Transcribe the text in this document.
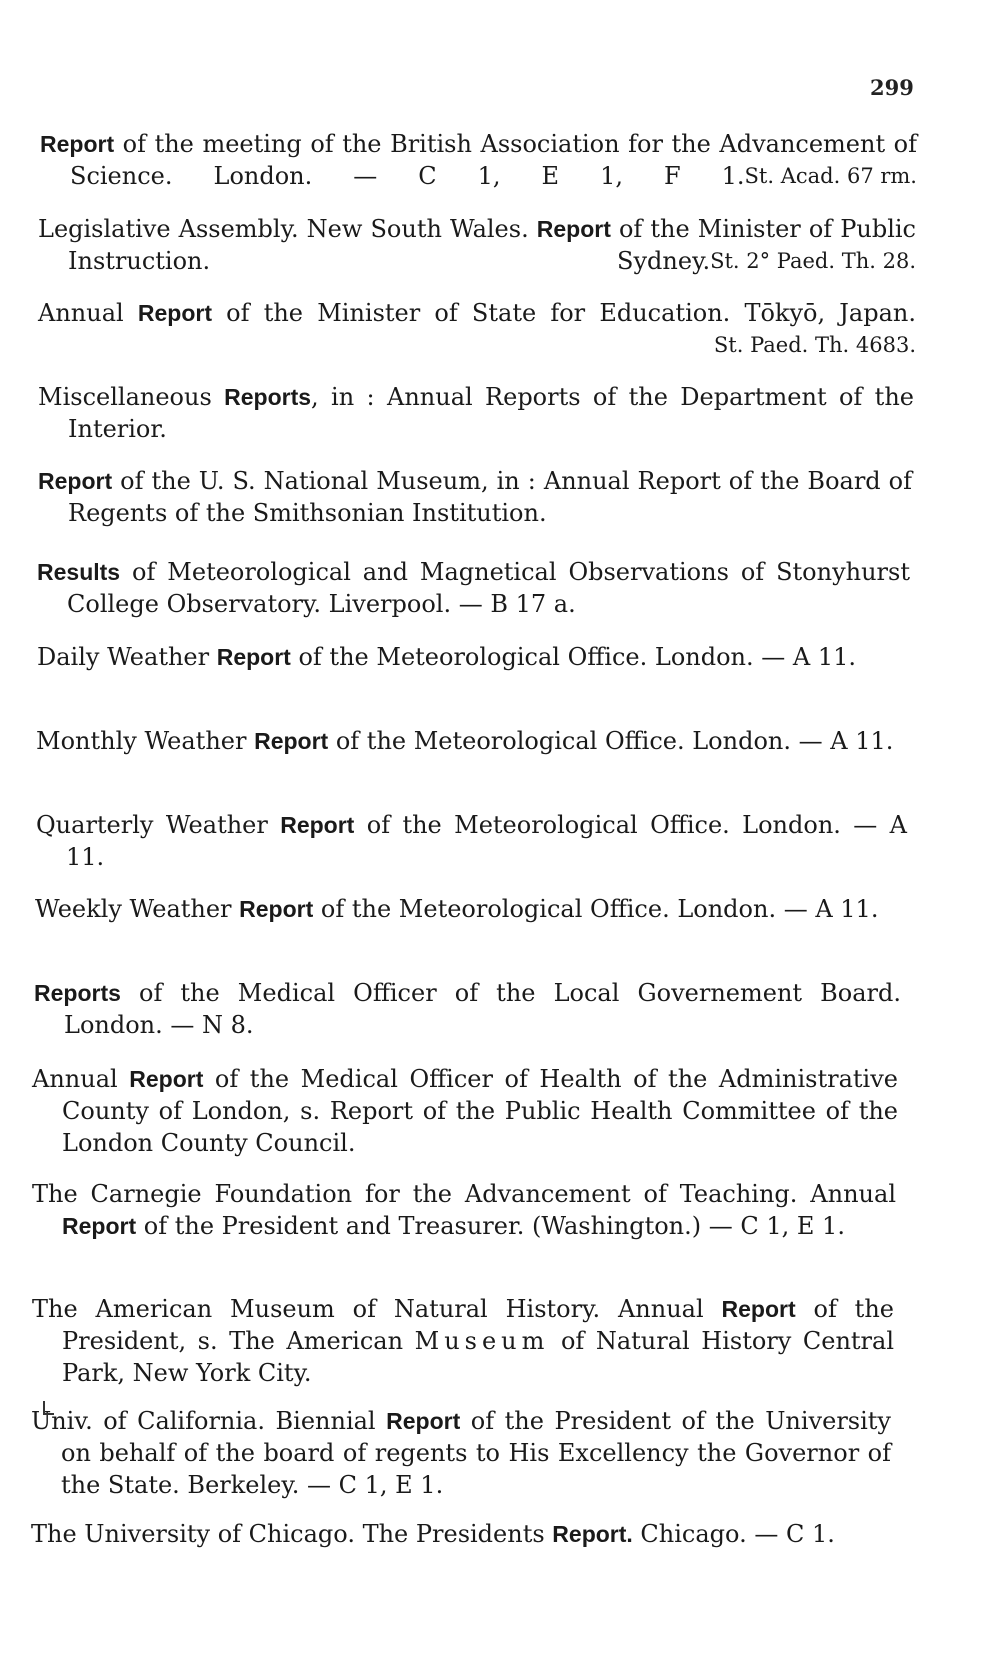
299
Report of the meeting of the British Association for the Advancement of Science. London. — C 1, E 1, F 1. St. Acad. 67 rm.
Legislative Assembly. New South Wales. Report of the Minister of Public Instruction. Sydney. St. 2° Paed. Th. 28.
Annual Report of the Minister of State for Education. Tōkyō, Japan.
St. Paed. Th. 4683.
Miscellaneous Reports, in : Annual Reports of the Department of the Interior.
Report of the U. S. National Museum, in : Annual Report of the Board of Regents of the Smithsonian Institution.
Results of Meteorological and Magnetical Observations of Stonyhurst College Observatory. Liverpool. — B 17 a.
Daily Weather Report of the Meteorological Office. London. — A 11.
Monthly Weather Report of the Meteorological Office. London. — A 11.
Quarterly Weather Report of the Meteorological Office. London. — A 11.
Weekly Weather Report of the Meteorological Office. London. — A 11.
Reports of the Medical Officer of the Local Governement Board. London. — N 8.
Annual Report of the Medical Officer of Health of the Administrative County of London, s. Report of the Public Health Committee of the London County Council.
The Carnegie Foundation for the Advancement of Teaching. Annual Report of the President and Treasurer. (Washington.) — C 1, E 1.
The American Museum of Natural History. Annual Report of the President, s. The American Museum of Natural History Central Park, New York City.
Univ. of California. Biennial Report of the President of the University on behalf of the board of regents to His Excellency the Governor of the State. Berkeley. — C 1, E 1.
The University of Chicago. The Presidents Report. Chicago. — C 1.
